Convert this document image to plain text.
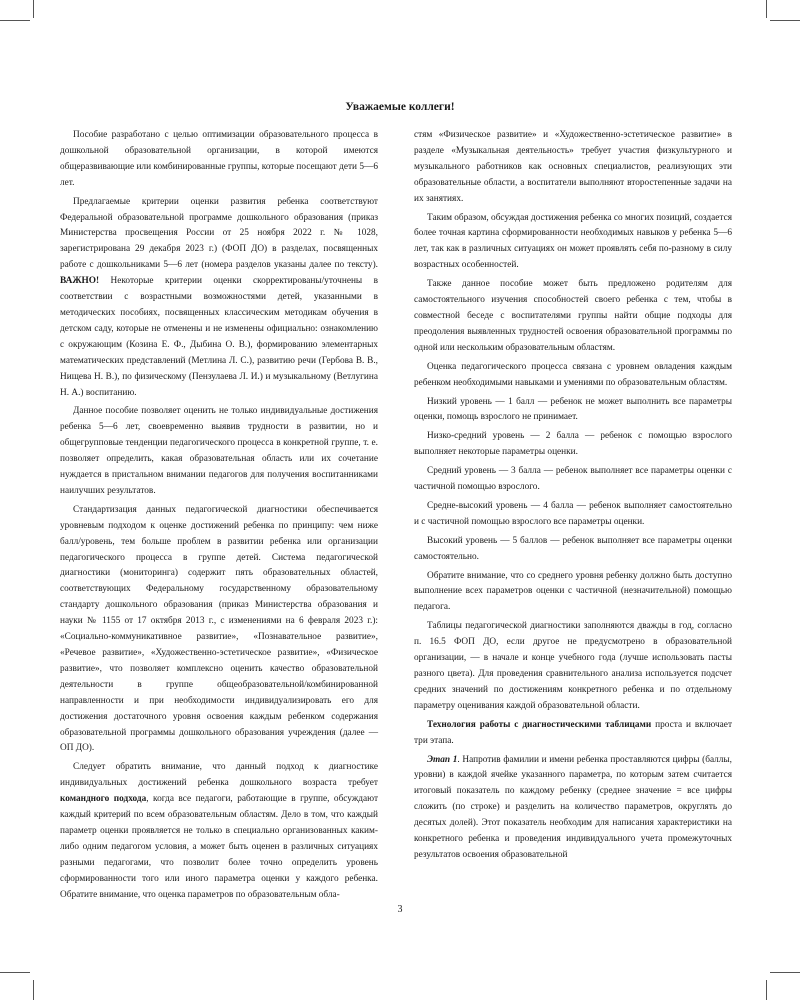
Уважаемые коллеги!

Пособие разработано с целью оптимизации образовательного процесса в дошкольной образовательной организации, в которой имеются общеразвивающие или комбинированные группы, которые посещают дети 5—6 лет.

Предлагаемые критерии оценки развития ребенка соответствуют Федеральной образовательной программе дошкольного образования (приказ Министерства просвещения России от 25 ноября 2022 г. № 1028, зарегистрирована 29 декабря 2023 г.) (ФОП ДО) в разделах, посвященных работе с дошкольниками 5—6 лет (номера разделов указаны далее по тексту). ВАЖНО! Некоторые критерии оценки скорректированы/уточнены в соответствии с возрастными возможностями детей, указанными в методических пособиях, посвященных классическим методикам обучения в детском саду, которые не отменены и не изменены официально: ознакомлению с окружающим (Козина Е. Ф., Дыбина О. В.), формированию элементарных математических представлений (Метлина Л. С.), развитию речи (Гербова В. В., Нищева Н. В.), по физическому (Пензулаева Л. И.) и музыкальному (Ветлугина Н. А.) воспитанию.

Данное пособие позволяет оценить не только индивидуальные достижения ребенка 5—6 лет, своевременно выявив трудности в развитии, но и общегрупповые тенденции педагогического процесса в конкретной группе, т. е. позволяет определить, какая образовательная область или их сочетание нуждается в пристальном внимании педагогов для получения воспитанниками наилучших результатов.

Стандартизация данных педагогической диагностики обеспечивается уровневым подходом к оценке достижений ребенка по принципу: чем ниже балл/уровень, тем больше проблем в развитии ребенка или организации педагогического процесса в группе детей. Система педагогической диагностики (мониторинга) содержит пять образовательных областей, соответствующих Федеральному государственному образовательному стандарту дошкольного образования (приказ Министерства образования и науки № 1155 от 17 октября 2013 г., с изменениями на 6 февраля 2023 г.): «Социально-коммуникативное развитие», «Познавательное развитие», «Речевое развитие», «Художественно-эстетическое развитие», «Физическое развитие», что позволяет комплексно оценить качество образовательной деятельности в группе общеобразовательной/комбинированной направленности и при необходимости индивидуализировать его для достижения достаточного уровня освоения каждым ребенком содержания образовательной программы дошкольного образования учреждения (далее — ОП ДО).

Следует обратить внимание, что данный подход к диагностике индивидуальных достижений ребенка дошкольного возраста требует командного подхода, когда все педагоги, работающие в группе, обсуждают каждый критерий по всем образовательным областям. Дело в том, что каждый параметр оценки проявляется не только в специально организованных каким-либо одним педагогом условия, а может быть оценен в различных ситуациях разными педагогами, что позволит более точно определить уровень сформированности того или иного параметра оценки у каждого ребенка. Обратите внимание, что оценка параметров по образовательным обла-

стям «Физическое развитие» и «Художественно-эстетическое развитие» в разделе «Музыкальная деятельность» требует участия физкультурного и музыкального работников как основных специалистов, реализующих эти образовательные области, а воспитатели выполняют второстепенные задачи на их занятиях.

Таким образом, обсуждая достижения ребенка со многих позиций, создается более точная картина сформированности необходимых навыков у ребенка 5—6 лет, так как в различных ситуациях он может проявлять себя по-разному в силу возрастных особенностей.

Также данное пособие может быть предложено родителям для самостоятельного изучения способностей своего ребенка с тем, чтобы в совместной беседе с воспитателями группы найти общие подходы для преодоления выявленных трудностей освоения образовательной программы по одной или нескольким образовательным областям.

Оценка педагогического процесса связана с уровнем овладения каждым ребенком необходимыми навыками и умениями по образовательным областям.

Низкий уровень — 1 балл — ребенок не может выполнить все параметры оценки, помощь взрослого не принимает.

Низко-средний уровень — 2 балла — ребенок с помощью взрослого выполняет некоторые параметры оценки.

Средний уровень — 3 балла — ребенок выполняет все параметры оценки с частичной помощью взрослого.

Средне-высокий уровень — 4 балла — ребенок выполняет самостоятельно и с частичной помощью взрослого все параметры оценки.

Высокий уровень — 5 баллов — ребенок выполняет все параметры оценки самостоятельно.

Обратите внимание, что со среднего уровня ребенку должно быть доступно выполнение всех параметров оценки с частичной (незначительной) помощью педагога.

Таблицы педагогической диагностики заполняются дважды в год, согласно п. 16.5 ФОП ДО, если другое не предусмотрено в образовательной организации, — в начале и конце учебного года (лучше использовать пасты разного цвета). Для проведения сравнительного анализа используется подсчет средних значений по достижениям конкретного ребенка и по отдельному параметру оценивания каждой образовательной области.

Технология работы с диагностическими таблицами проста и включает три этапа.

Этап 1. Напротив фамилии и имени ребенка проставляются цифры (баллы, уровни) в каждой ячейке указанного параметра, по которым затем считается итоговый показатель по каждому ребенку (среднее значение = все цифры сложить (по строке) и разделить на количество параметров, округлять до десятых долей). Этот показатель необходим для написания характеристики на конкретного ребенка и проведения индивидуального учета промежуточных результатов освоения образовательной

3
